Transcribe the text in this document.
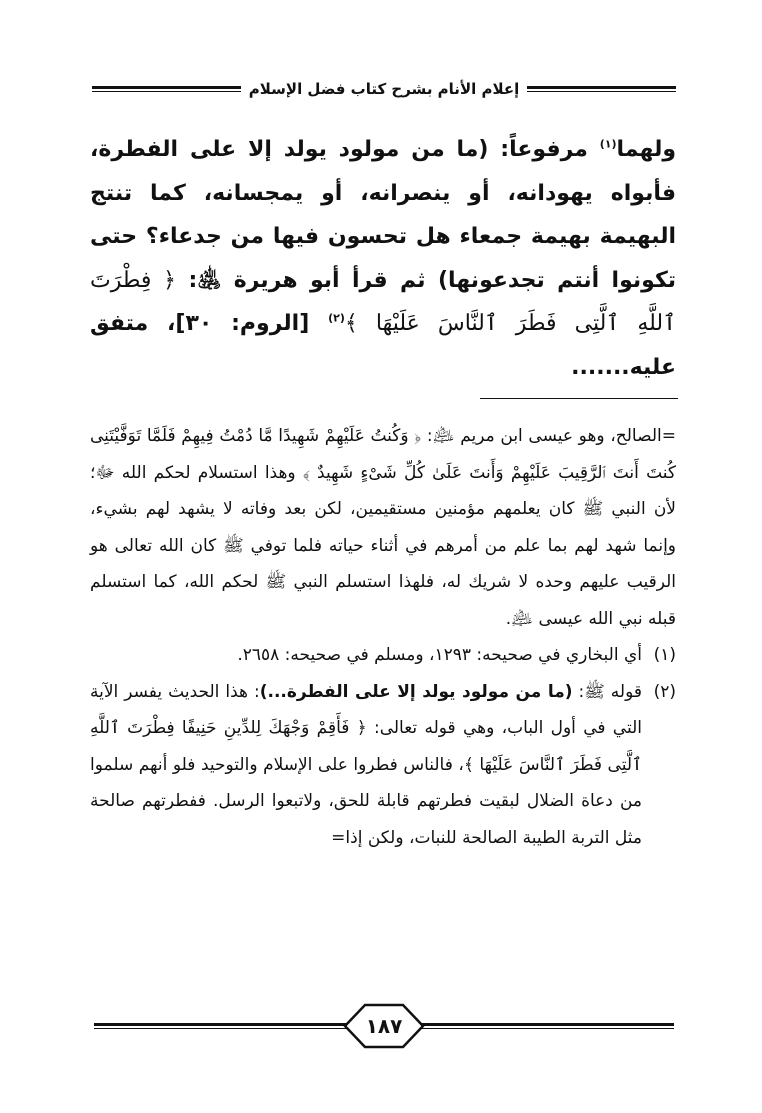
إعلام الأنام بشرح كتاب فضل الإسلام
ولهما$^{(١)}$ مرفوعاً: (ما من مولود يولد إلا على الفطرة، فأبواه يهودانه، أو ينصرانه، أو يمجسانه، كما تنتج البهيمة بهيمة جمعاء هل تحسون فيها من جدعاء؟ حتى تكونوا أنتم تجدعونها) ثم قرأ أبو هريرة ﵁: ﴿ فِطْرَتَ ٱللَّهِ ٱلَّتِى فَطَرَ ٱلنَّاسَ عَلَيْهَا ﴾$^{(٢)}$ [الروم: ٣٠]، متفق عليه.......
=الصالح، وهو عيسى ابن مريم ﵇: ﴿ وَكُنتُ عَلَيْهِمْ شَهِيدًا مَّا دُمْتُ فِيهِمْ فَلَمَّا تَوَفَّيْتَنِى كُنتَ أَنتَ ٱلرَّقِيبَ عَلَيْهِمْ وَأَنتَ عَلَىٰ كُلِّ شَىْءٍ شَهِيدٌ ﴾ وهذا استسلام لحكم الله ﷻ؛ لأن النبي ﷺ كان يعلمهم مؤمنين مستقيمين، لكن بعد وفاته لا يشهد لهم بشيء، وإنما شهد لهم بما علم من أمرهم في أثناء حياته فلما توفي ﷺ كان الله تعالى هو الرقيب عليهم وحده لا شريك له، فلهذا استسلم النبي ﷺ لحكم الله، كما استسلم قبله نبي الله عيسى ﵇.
(١)
أي البخاري في صحيحه: ١٢٩٣، ومسلم في صحيحه: ٢٦٥٨.
(٢)
قوله ﷺ: (ما من مولود يولد إلا على الفطرة...): هذا الحديث يفسر الآية التي في أول الباب، وهي قوله تعالى: ﴿ فَأَقِمْ وَجْهَكَ لِلدِّينِ حَنِيفًا فِطْرَتَ ٱللَّهِ ٱلَّتِى فَطَرَ ٱلنَّاسَ عَلَيْهَا ﴾، فالناس فطروا على الإسلام والتوحيد فلو أنهم سلموا من دعاة الضلال لبقيت فطرتهم قابلة للحق، ولاتبعوا الرسل. ففطرتهم صالحة مثل التربة الطيبة الصالحة للنبات، ولكن إذا=
١٨٧
